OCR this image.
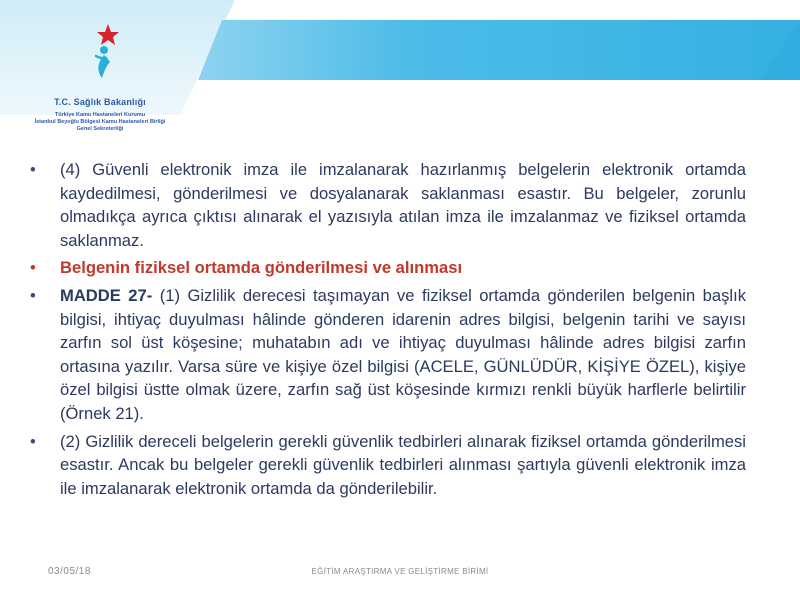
T.C. Sağlık Bakanlığı
Türkiye Kamu Hastaneleri Kurumu
İstanbul Beyoğlu Bölgesi Kamu Hastaneleri Birliği
Genel Sekreterliği
•	(4) Güvenli elektronik imza ile imzalanarak hazırlanmış belgelerin elektronik ortamda kaydedilmesi, gönderilmesi ve dosyalanarak saklanması esastır. Bu belgeler, zorunlu olmadıkça ayrıca çıktısı alınarak el yazısıyla atılan imza ile imzalanmaz ve fiziksel ortamda saklanmaz.
•	Belgenin fiziksel ortamda gönderilmesi ve alınması
•	MADDE 27- (1) Gizlilik derecesi taşımayan ve fiziksel ortamda gönderilen belgenin başlık bilgisi, ihtiyaç duyulması hâlinde gönderen idarenin adres bilgisi, belgenin tarihi ve sayısı zarfın sol üst köşesine; muhatabın adı ve ihtiyaç duyulması hâlinde adres bilgisi zarfın ortasına yazılır. Varsa süre ve kişiye özel bilgisi (ACELE, GÜNLÜDÜR, KİŞİYE ÖZEL), kişiye özel bilgisi üstte olmak üzere, zarfın sağ üst köşesinde kırmızı renkli büyük harflerle belirtilir (Örnek 21).
•	(2) Gizlilik dereceli belgelerin gerekli güvenlik tedbirleri alınarak fiziksel ortamda gönderilmesi esastır. Ancak bu belgeler gerekli güvenlik tedbirleri alınması şartıyla güvenli elektronik imza ile imzalanarak elektronik ortamda da gönderilebilir.
03/05/18	EĞİTİM ARAŞTIRMA VE GELİŞTİRME BİRİMİ
